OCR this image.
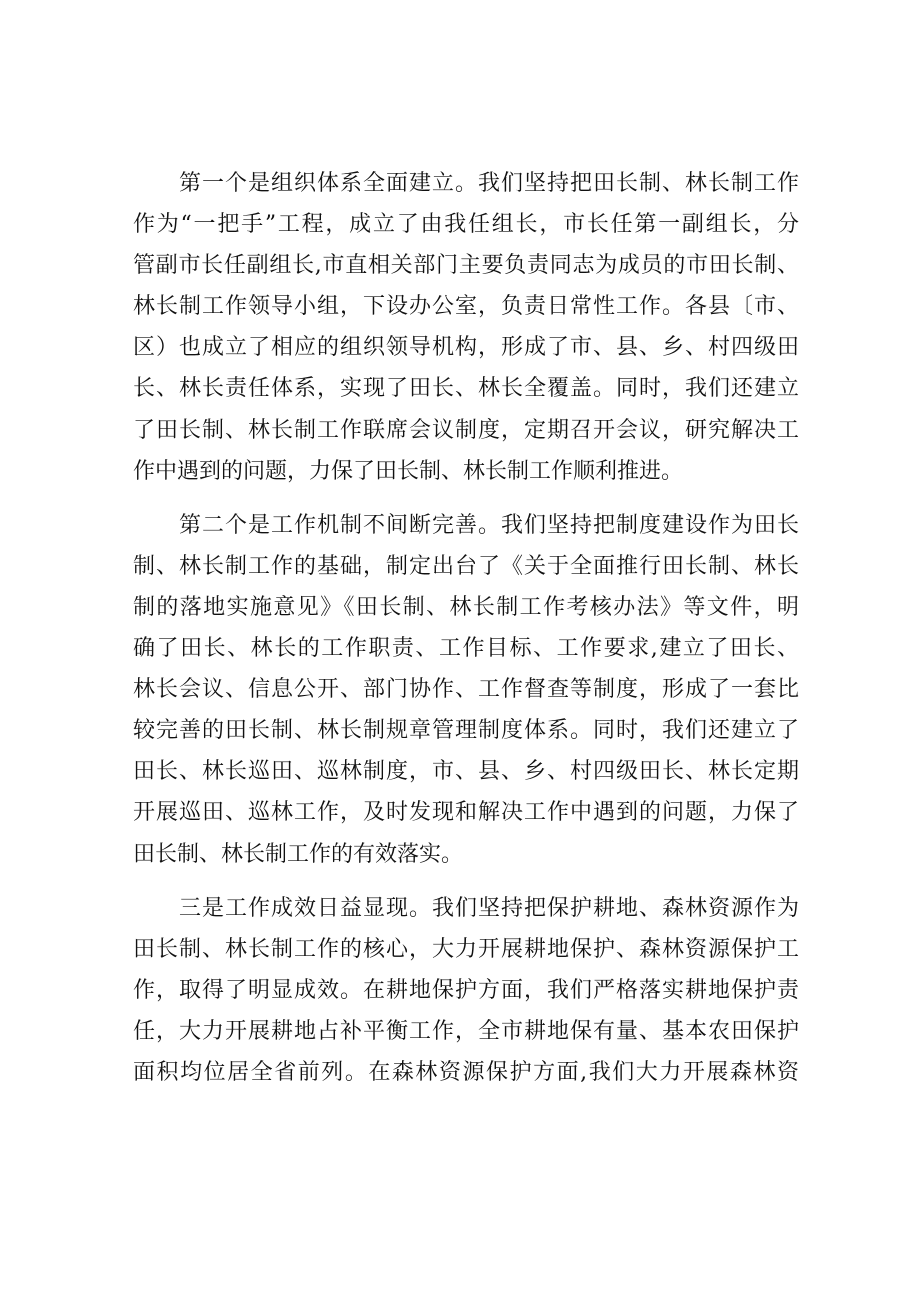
第一个是组织体系全面建立。我们坚持把田长制、林长制工作
作为“一把手”工程，成立了由我任组长，市长任第一副组长，分
管副市长任副组长,市直相关部门主要负责同志为成员的市田长制、
林长制工作领导小组，下设办公室，负责日常性工作。各县〔市、
区）也成立了相应的组织领导机构，形成了市、县、乡、村四级田
长、林长责任体系，实现了田长、林长全覆盖。同时，我们还建立
了田长制、林长制工作联席会议制度，定期召开会议，研究解决工
作中遇到的问题，力保了田长制、林长制工作顺利推进。
第二个是工作机制不间断完善。我们坚持把制度建设作为田长
制、林长制工作的基础，制定出台了《关于全面推行田长制、林长
制的落地实施意见》《田长制、林长制工作考核办法》等文件，明
确了田长、林长的工作职责、工作目标、工作要求,建立了田长、
林长会议、信息公开、部门协作、工作督查等制度，形成了一套比
较完善的田长制、林长制规章管理制度体系。同时，我们还建立了
田长、林长巡田、巡林制度，市、县、乡、村四级田长、林长定期
开展巡田、巡林工作，及时发现和解决工作中遇到的问题，力保了
田长制、林长制工作的有效落实。
三是工作成效日益显现。我们坚持把保护耕地、森林资源作为
田长制、林长制工作的核心，大力开展耕地保护、森林资源保护工
作，取得了明显成效。在耕地保护方面，我们严格落实耕地保护责
任，大力开展耕地占补平衡工作，全市耕地保有量、基本农田保护
面积均位居全省前列。在森林资源保护方面,我们大力开展森林资
